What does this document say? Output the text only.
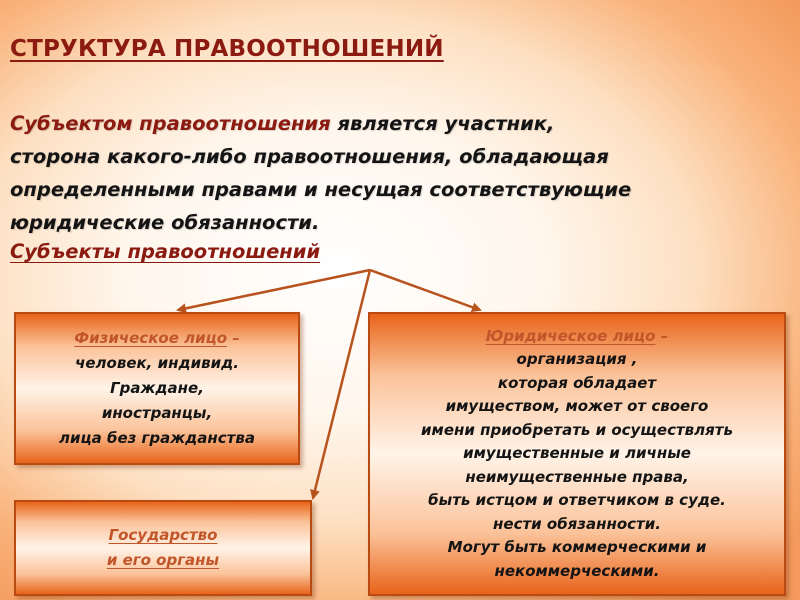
СТРУКТУРА ПРАВООТНОШЕНИЙ
Субъектом правоотношения является участник,
сторона какого-либо правоотношения, обладающая
определенными правами и несущая соответствующие
юридические обязанности.
Субъекты правоотношений
Физическое лицо –
человек, индивид.
Граждане,
иностранцы,
лица без гражданства
Юридическое лицо –
организация ,
которая обладает
имуществом, может от своего
имени приобретать и осуществлять
имущественные и личные
неимущественные права,
быть истцом и ответчиком в суде.
нести обязанности.
Могут быть коммерческими и
некоммерческими.
Государство
и его органы
